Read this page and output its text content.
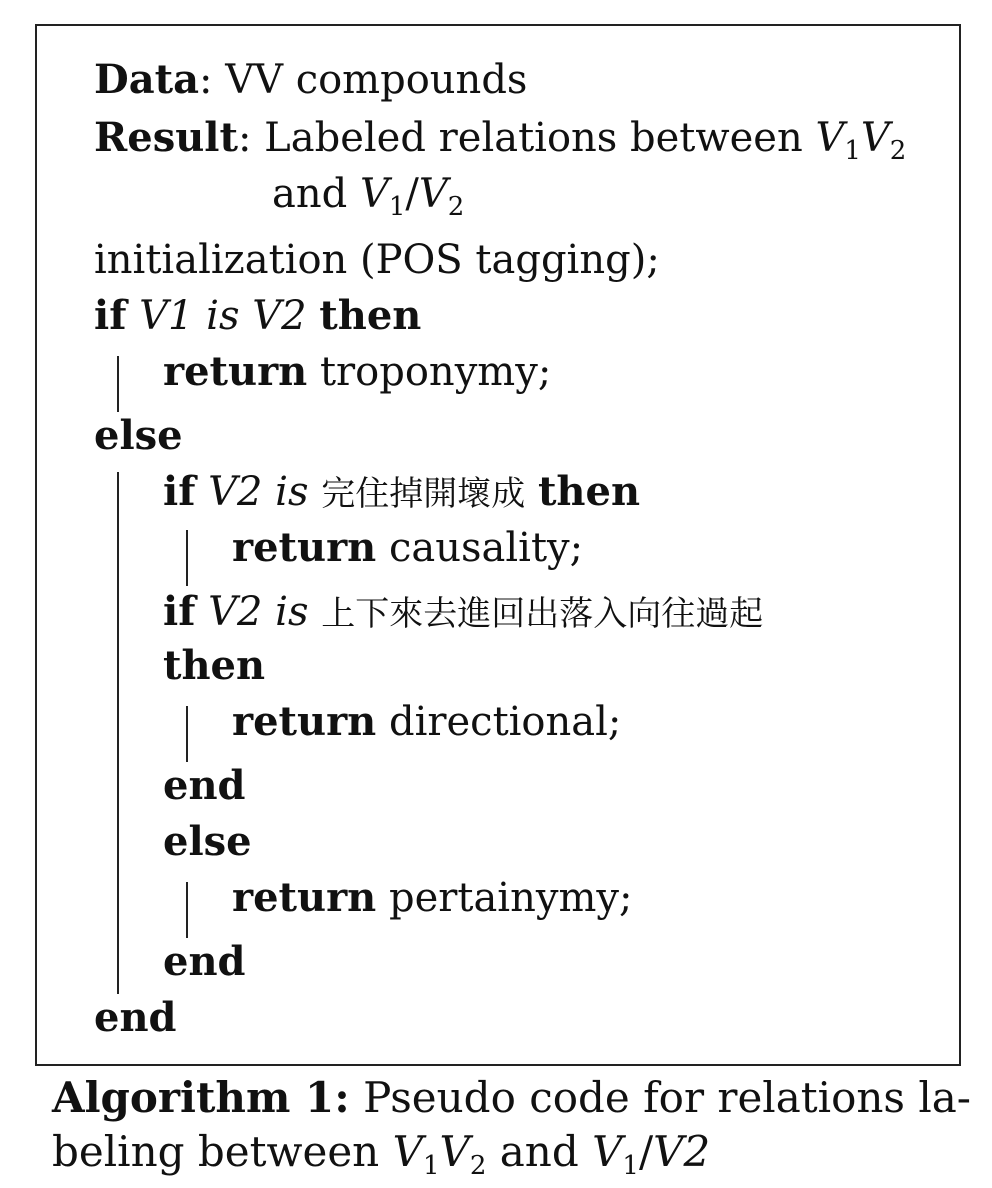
Data: VV compounds
Result: Labeled relations between $V_1V_2$
and $V_1/V_2$
initialization (POS tagging);
if V1 is V2 then
return troponymy;
else
if V2 is 完住掉開壞成 then
return causality;
if V2 is 上下來去進回出落入向往過起
then
return directional;
end
else
return pertainymy;
end
end
Algorithm 1: Pseudo code for relations la-
beling between $V_1V_2$ and $V_1/V2$
